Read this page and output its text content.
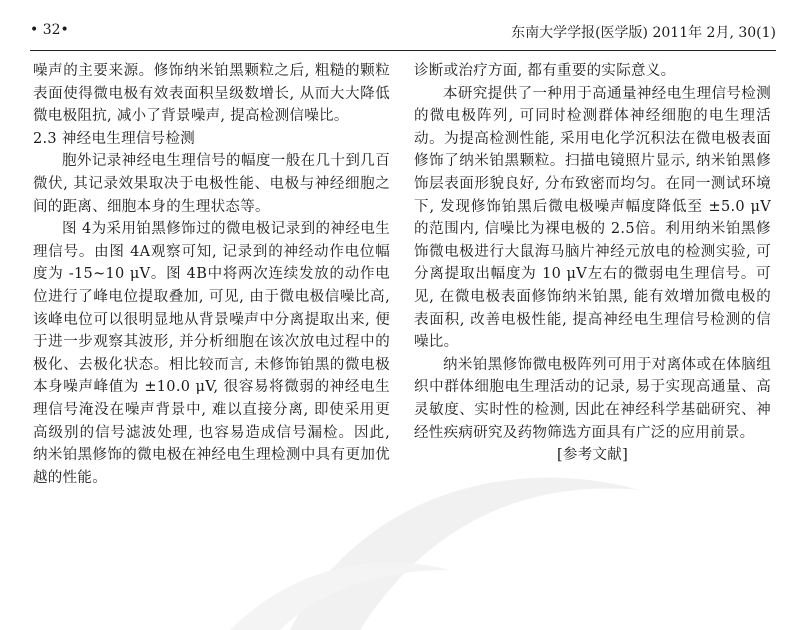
• 32•	东南大学学报(医学版) 2011年 2月, 30(1)

噪声的主要来源。修饰纳米铂黑颗粒之后, 粗糙的颗粒表面使得微电极有效表面积呈级数增长, 从而大大降低微电极阻抗, 减小了背景噪声, 提高检测信噪比。

2.3 神经电生理信号检测

胞外记录神经电生理信号的幅度一般在几十到几百微伏, 其记录效果取决于电极性能、电极与神经细胞之间的距离、细胞本身的生理状态等。

图 4为采用铂黑修饰过的微电极记录到的神经电生理信号。由图 4A观察可知, 记录到的神经动作电位幅度为 -15~10 μV。图 4B中将两次连续发放的动作电位进行了峰电位提取叠加, 可见, 由于微电极信噪比高, 该峰电位可以很明显地从背景噪声中分离提取出来, 便于进一步观察其波形, 并分析细胞在该次放电过程中的极化、去极化状态。相比较而言, 未修饰铂黑的微电极本身噪声峰值为 ±10.0 μV, 很容易将微弱的神经电生理信号淹没在噪声背景中, 难以直接分离, 即使采用更高级别的信号滤波处理, 也容易造成信号漏检。因此, 纳米铂黑修饰的微电极在神经电生理检测中具有更加优越的性能。

诊断或治疗方面, 都有重要的实际意义。

本研究提供了一种用于高通量神经电生理信号检测的微电极阵列, 可同时检测群体神经细胞的电生理活动。为提高检测性能, 采用电化学沉积法在微电极表面修饰了纳米铂黑颗粒。扫描电镜照片显示, 纳米铂黑修饰层表面形貌良好, 分布致密而均匀。在同一测试环境下, 发现修饰铂黑后微电极噪声幅度降低至 ±5.0 μV的范围内, 信噪比为裸电极的 2.5倍。利用纳米铂黑修饰微电极进行大鼠海马脑片神经元放电的检测实验, 可分离提取出幅度为 10 μV左右的微弱电生理信号。可见, 在微电极表面修饰纳米铂黑, 能有效增加微电极的表面积, 改善电极性能, 提高神经电生理信号检测的信噪比。

纳米铂黑修饰微电极阵列可用于对离体或在体脑组织中群体细胞电生理活动的记录, 易于实现高通量、高灵敏度、实时性的检测, 因此在神经科学基础研究、神经性疾病研究及药物筛选方面具有广泛的应用前景。

[参考文献]
